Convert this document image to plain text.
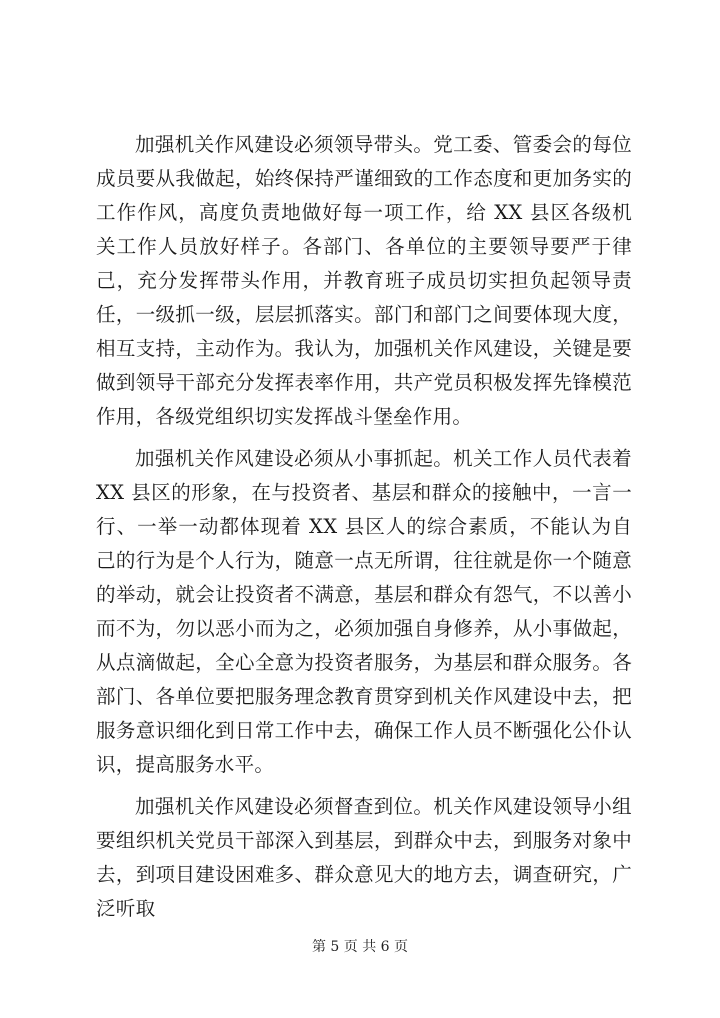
加强机关作风建设必须领导带头。党工委、管委会的每位成员要从我做起，始终保持严谨细致的工作态度和更加务实的工作作风，高度负责地做好每一项工作，给 XX 县区各级机关工作人员放好样子。各部门、各单位的主要领导要严于律己，充分发挥带头作用，并教育班子成员切实担负起领导责任，一级抓一级，层层抓落实。部门和部门之间要体现大度，相互支持，主动作为。我认为，加强机关作风建设，关键是要做到领导干部充分发挥表率作用，共产党员积极发挥先锋模范作用，各级党组织切实发挥战斗堡垒作用。

加强机关作风建设必须从小事抓起。机关工作人员代表着 XX 县区的形象，在与投资者、基层和群众的接触中，一言一行、一举一动都体现着 XX 县区人的综合素质，不能认为自己的行为是个人行为，随意一点无所谓，往往就是你一个随意的举动，就会让投资者不满意，基层和群众有怨气，不以善小而不为，勿以恶小而为之，必须加强自身修养，从小事做起，从点滴做起，全心全意为投资者服务，为基层和群众服务。各部门、各单位要把服务理念教育贯穿到机关作风建设中去，把服务意识细化到日常工作中去，确保工作人员不断强化公仆认识，提高服务水平。

加强机关作风建设必须督查到位。机关作风建设领导小组要组织机关党员干部深入到基层，到群众中去，到服务对象中去，到项目建设困难多、群众意见大的地方去，调查研究，广泛听取

第 5 页 共 6 页
